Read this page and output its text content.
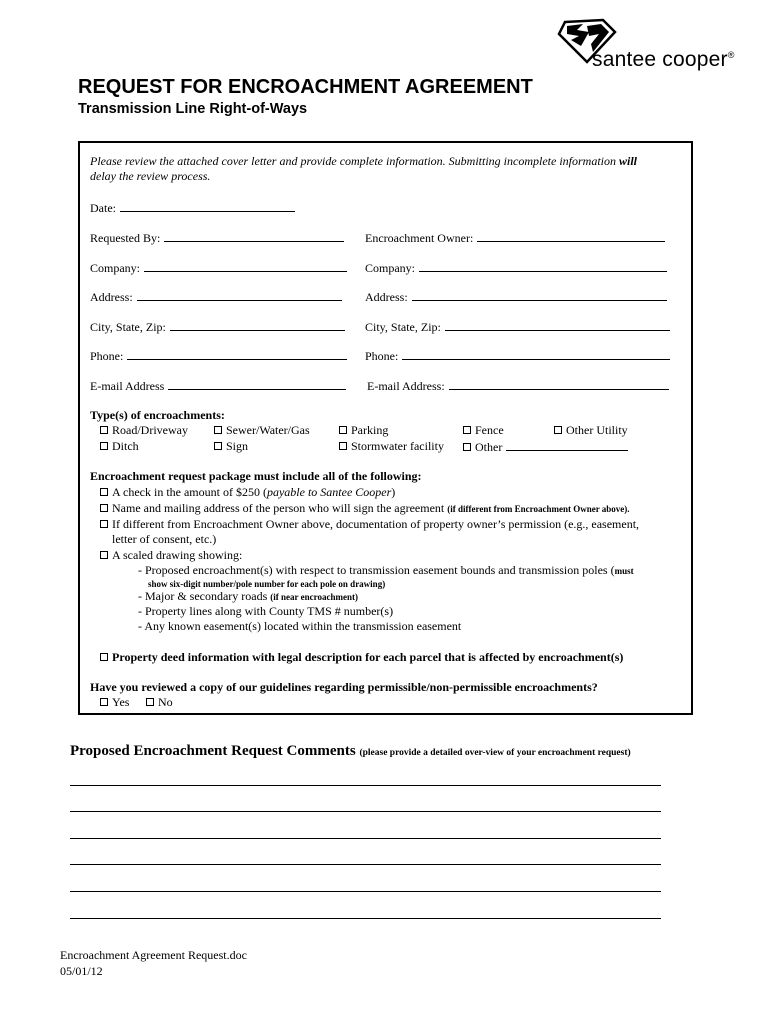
santee cooper®
REQUEST FOR ENCROACHMENT AGREEMENT
Transmission Line Right-of-Ways
Please review the attached cover letter and provide complete information. Submitting incomplete information will
delay the review process.
Date:
Requested By:	Encroachment Owner:
Company:	Company:
Address:	Address:
City, State, Zip:	City, State, Zip:
Phone:	Phone:
E-mail Address	E-mail Address:
Type(s) of encroachments:
Road/Driveway	Sewer/Water/Gas	Parking	Fence	Other Utility
Ditch	Sign	Stormwater facility	Other
Encroachment request package must include all of the following:
A check in the amount of $250 (payable to Santee Cooper)
Name and mailing address of the person who will sign the agreement (if different from Encroachment Owner above).
If different from Encroachment Owner above, documentation of property owner’s permission (e.g., easement,
letter of consent, etc.)
A scaled drawing showing:
- Proposed encroachment(s) with respect to transmission easement bounds and transmission poles (must
show six-digit number/pole number for each pole on drawing)
- Major & secondary roads (if near encroachment)
- Property lines along with County TMS # number(s)
- Any known easement(s) located within the transmission easement
Property deed information with legal description for each parcel that is affected by encroachment(s)
Have you reviewed a copy of our guidelines regarding permissible/non-permissible encroachments?
Yes	No
Proposed Encroachment Request Comments (please provide a detailed over-view of your encroachment request)
Encroachment Agreement Request.doc
05/01/12
